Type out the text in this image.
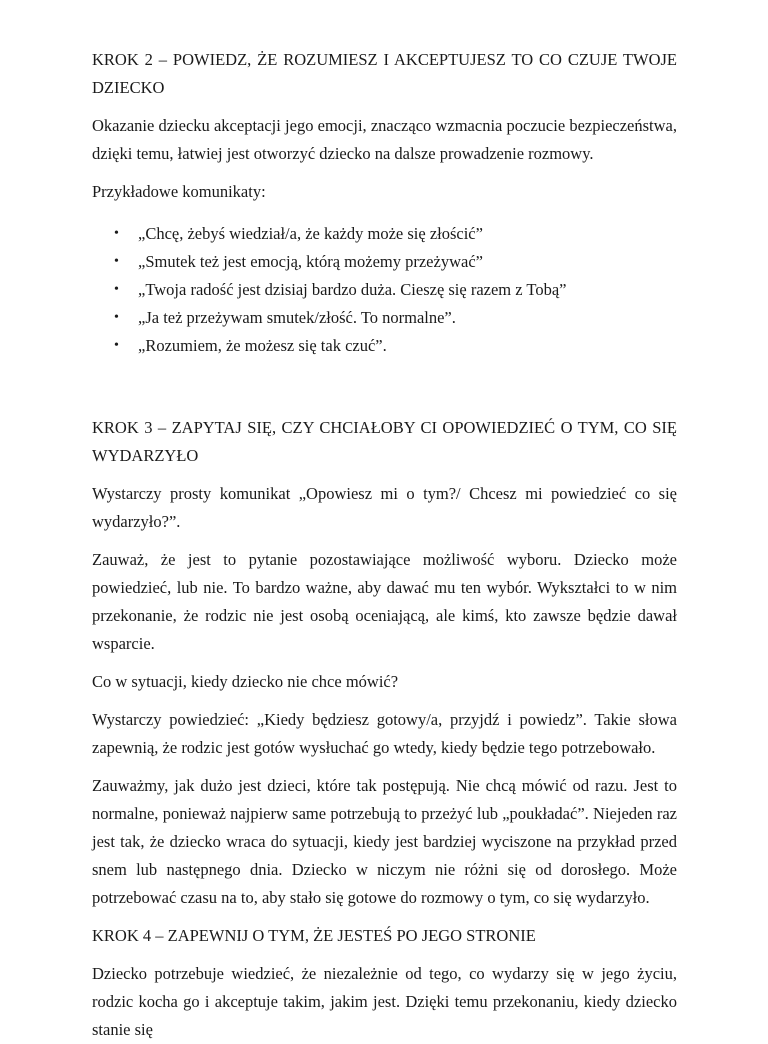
KROK 2 – POWIEDZ, ŻE ROZUMIESZ I AKCEPTUJESZ TO CO CZUJE TWOJE DZIECKO

Okazanie dziecku akceptacji jego emocji, znacząco wzmacnia poczucie bezpieczeństwa, dzięki temu, łatwiej jest otworzyć dziecko na dalsze prowadzenie rozmowy.

Przykładowe komunikaty:

• „Chcę, żebyś wiedział/a, że każdy może się złościć”
• „Smutek też jest emocją, którą możemy przeżywać”
• „Twoja radość jest dzisiaj bardzo duża. Cieszę się razem z Tobą”
• „Ja też przeżywam smutek/złość. To normalne”.
• „Rozumiem, że możesz się tak czuć”.

KROK 3 – ZAPYTAJ SIĘ, CZY CHCIAŁOBY CI OPOWIEDZIEĆ O TYM, CO SIĘ WYDARZYŁO

Wystarczy prosty komunikat „Opowiesz mi o tym?/ Chcesz mi powiedzieć co się wydarzyło?”.

Zauważ, że jest to pytanie pozostawiające możliwość wyboru. Dziecko może powiedzieć, lub nie. To bardzo ważne, aby dawać mu ten wybór. Wykształci to w nim przekonanie, że rodzic nie jest osobą oceniającą, ale kimś, kto zawsze będzie dawał wsparcie.

Co w sytuacji, kiedy dziecko nie chce mówić?

Wystarczy powiedzieć: „Kiedy będziesz gotowy/a, przyjdź i powiedz”. Takie słowa zapewnią, że rodzic jest gotów wysłuchać go wtedy, kiedy będzie tego potrzebowało.

Zauważmy, jak dużo jest dzieci, które tak postępują. Nie chcą mówić od razu. Jest to normalne, ponieważ najpierw same potrzebują to przeżyć lub „poukładać”. Niejeden raz jest tak, że dziecko wraca do sytuacji, kiedy jest bardziej wyciszone na przykład przed snem lub następnego dnia. Dziecko w niczym nie różni się od dorosłego. Może potrzebować czasu na to, aby stało się gotowe do rozmowy o tym, co się wydarzyło.

KROK 4 – ZAPEWNIJ O TYM, ŻE JESTEŚ PO JEGO STRONIE

Dziecko potrzebuje wiedzieć, że niezależnie od tego, co wydarzy się w jego życiu, rodzic kocha go i akceptuje takim, jakim jest. Dzięki temu przekonaniu, kiedy dziecko stanie się
